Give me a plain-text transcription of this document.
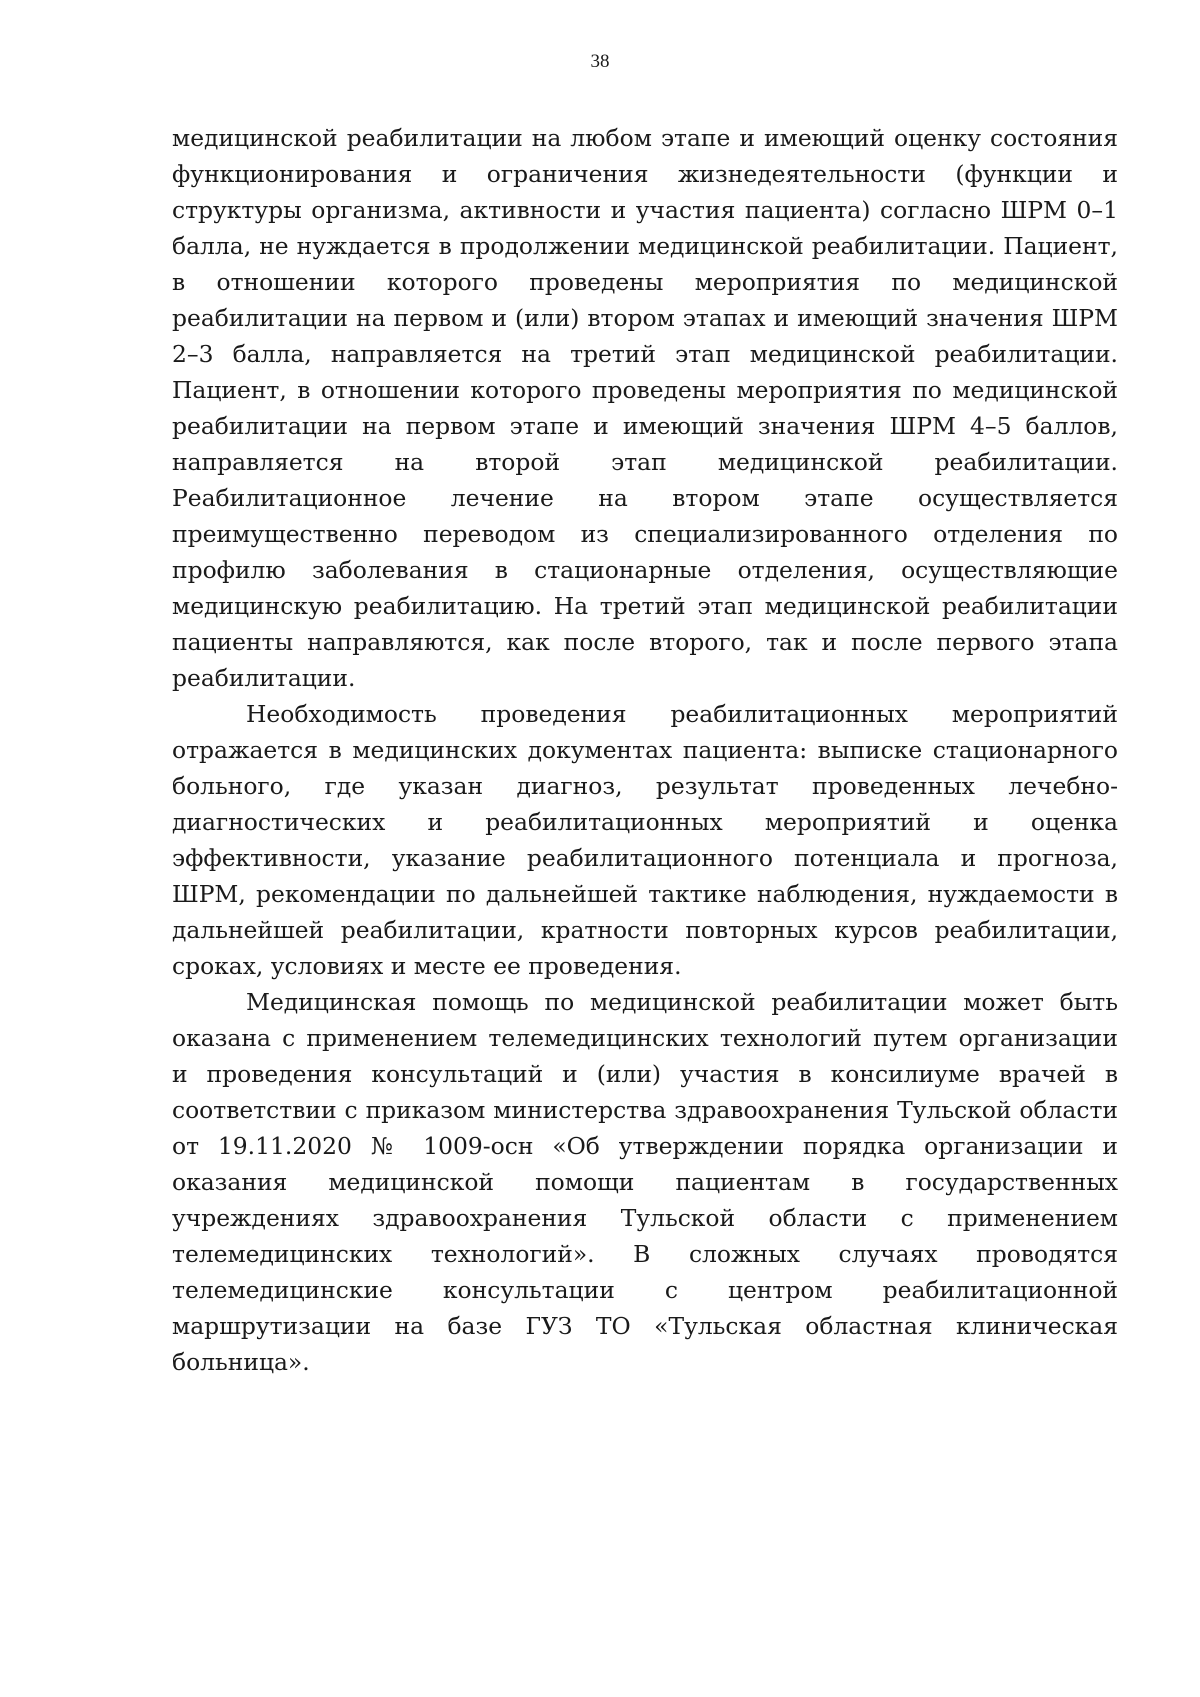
38

медицинской реабилитации на любом этапе и имеющий оценку состояния функционирования и ограничения жизнедеятельности (функции и структуры организма, активности и участия пациента) согласно ШРМ 0–1 балла, не нуждается в продолжении медицинской реабилитации. Пациент, в отношении которого проведены мероприятия по медицинской реабилитации на первом и (или) втором этапах и имеющий значения ШРМ 2–3 балла, направляется на третий этап медицинской реабилитации. Пациент, в отношении которого проведены мероприятия по медицинской реабилитации на первом этапе и имеющий значения ШРМ 4–5 баллов, направляется на второй этап медицинской реабилитации. Реабилитационное лечение на втором этапе осуществляется преимущественно переводом из специализированного отделения по профилю заболевания в стационарные отделения, осуществляющие медицинскую реабилитацию. На третий этап медицинской реабилитации пациенты направляются, как после второго, так и после первого этапа реабилитации.

Необходимость проведения реабилитационных мероприятий отражается в медицинских документах пациента: выписке стационарного больного, где указан диагноз, результат проведенных лечебно-диагностических и реабилитационных мероприятий и оценка эффективности, указание реабилитационного потенциала и прогноза, ШРМ, рекомендации по дальнейшей тактике наблюдения, нуждаемости в дальнейшей реабилитации, кратности повторных курсов реабилитации, сроках, условиях и месте ее проведения.

Медицинская помощь по медицинской реабилитации может быть оказана с применением телемедицинских технологий путем организации и проведения консультаций и (или) участия в консилиуме врачей в соответствии с приказом министерства здравоохранения Тульской области от 19.11.2020 № 1009-осн «Об утверждении порядка организации и оказания медицинской помощи пациентам в государственных учреждениях здравоохранения Тульской области с применением телемедицинских технологий». В сложных случаях проводятся телемедицинские консультации с центром реабилитационной маршрутизации на базе ГУЗ ТО «Тульская областная клиническая больница».
